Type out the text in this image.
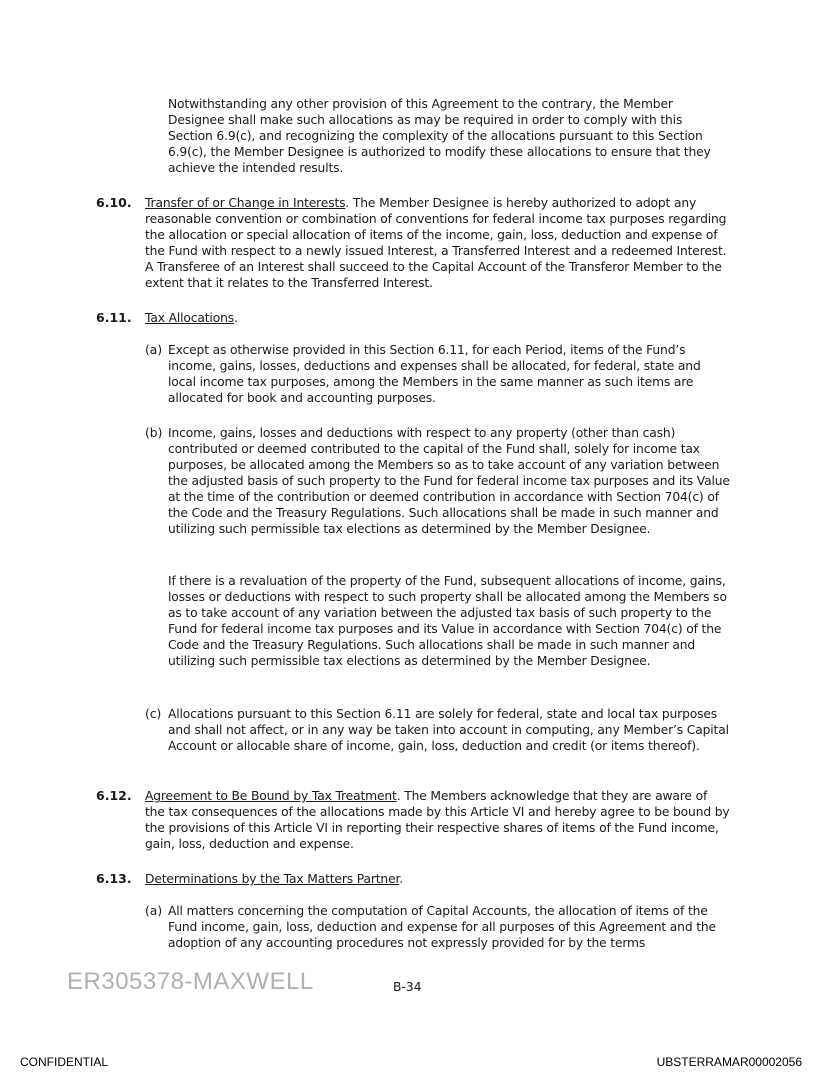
Notwithstanding any other provision of this Agreement to the contrary, the Member Designee shall make such allocations as may be required in order to comply with this Section 6.9(c), and recognizing the complexity of the allocations pursuant to this Section 6.9(c), the Member Designee is authorized to modify these allocations to ensure that they achieve the intended results.

6.10. Transfer of or Change in Interests. The Member Designee is hereby authorized to adopt any reasonable convention or combination of conventions for federal income tax purposes regarding the allocation or special allocation of items of the income, gain, loss, deduction and expense of the Fund with respect to a newly issued Interest, a Transferred Interest and a redeemed Interest. A Transferee of an Interest shall succeed to the Capital Account of the Transferor Member to the extent that it relates to the Transferred Interest.

6.11. Tax Allocations.

(a) Except as otherwise provided in this Section 6.11, for each Period, items of the Fund’s income, gains, losses, deductions and expenses shall be allocated, for federal, state and local income tax purposes, among the Members in the same manner as such items are allocated for book and accounting purposes.

(b) Income, gains, losses and deductions with respect to any property (other than cash) contributed or deemed contributed to the capital of the Fund shall, solely for income tax purposes, be allocated among the Members so as to take account of any variation between the adjusted basis of such property to the Fund for federal income tax purposes and its Value at the time of the contribution or deemed contribution in accordance with Section 704(c) of the Code and the Treasury Regulations. Such allocations shall be made in such manner and utilizing such permissible tax elections as determined by the Member Designee.

If there is a revaluation of the property of the Fund, subsequent allocations of income, gains, losses or deductions with respect to such property shall be allocated among the Members so as to take account of any variation between the adjusted tax basis of such property to the Fund for federal income tax purposes and its Value in accordance with Section 704(c) of the Code and the Treasury Regulations. Such allocations shall be made in such manner and utilizing such permissible tax elections as determined by the Member Designee.

(c) Allocations pursuant to this Section 6.11 are solely for federal, state and local tax purposes and shall not affect, or in any way be taken into account in computing, any Member’s Capital Account or allocable share of income, gain, loss, deduction and credit (or items thereof).

6.12. Agreement to Be Bound by Tax Treatment. The Members acknowledge that they are aware of the tax consequences of the allocations made by this Article VI and hereby agree to be bound by the provisions of this Article VI in reporting their respective shares of items of the Fund income, gain, loss, deduction and expense.

6.13. Determinations by the Tax Matters Partner.

(a) All matters concerning the computation of Capital Accounts, the allocation of items of the Fund income, gain, loss, deduction and expense for all purposes of this Agreement and the adoption of any accounting procedures not expressly provided for by the terms

ER305378-MAXWELL	B-34
CONFIDENTIAL	UBSTERRAMAR00002056
